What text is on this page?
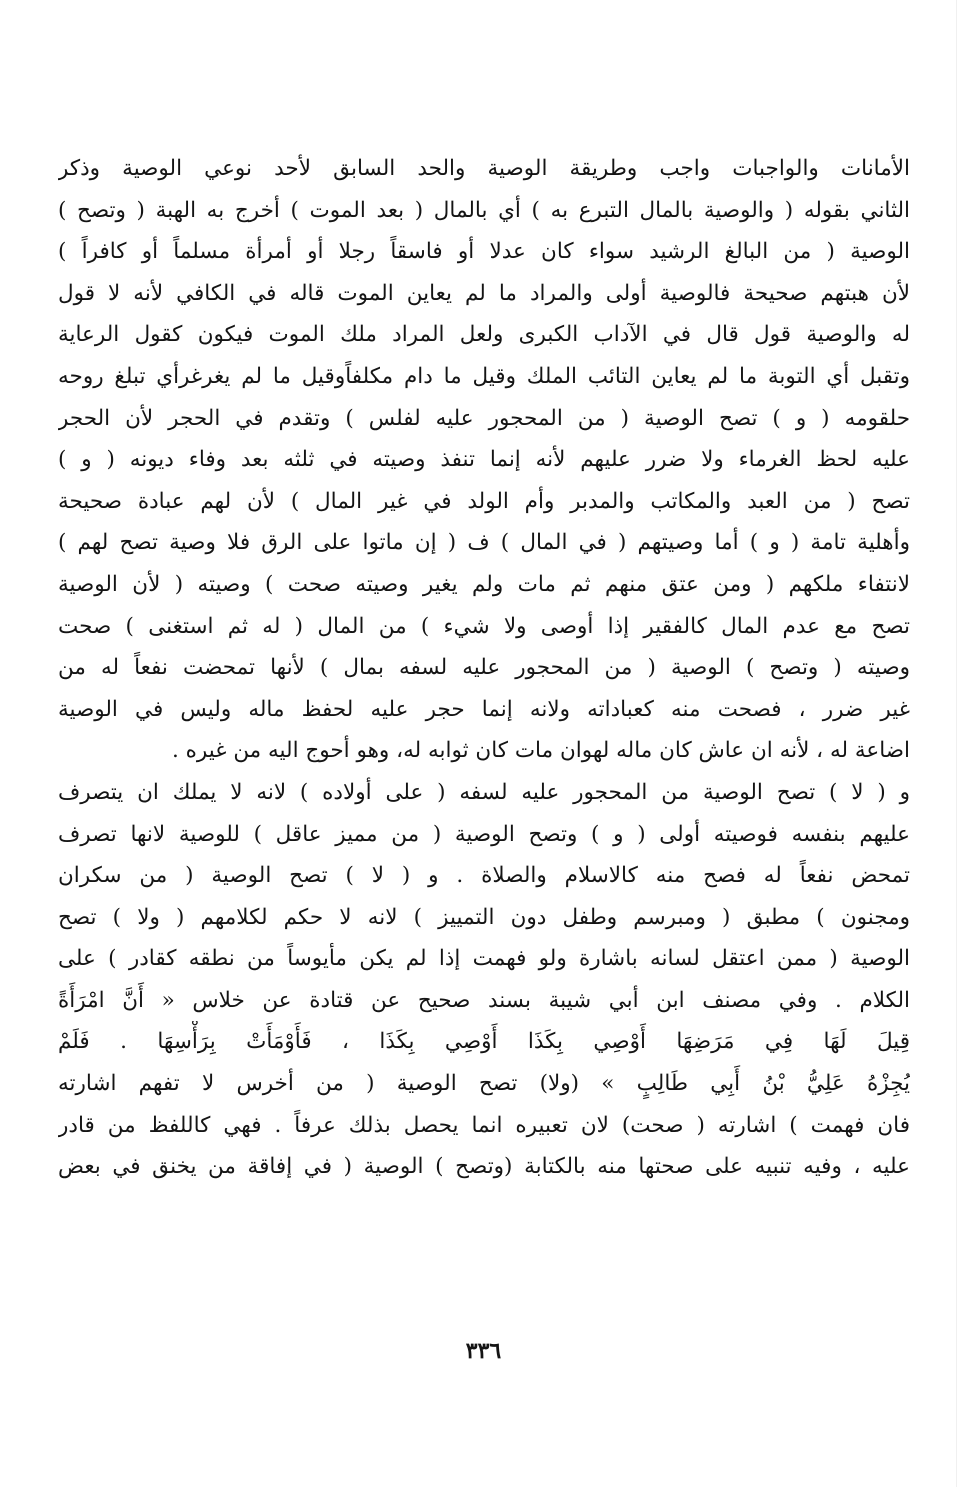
الأمانات والواجبات واجب وطريقة الوصية والحد السابق لأحد نوعي الوصية وذكر
الثاني بقوله ( والوصية بالمال التبرع به ) أي بالمال ( بعد الموت ) أخرج به الهبة ( وتصح )
الوصية ( من البالغ الرشيد سواء كان عدلا أو فاسقاً رجلا أو أمرأة مسلماً أو كافراً )
لأن هبتهم صحيحة فالوصية أولى والمراد ما لم يعاين الموت قاله في الكافي لأنه لا قول
له والوصية قول قال في الآداب الكبرى ولعل المراد ملك الموت فيكون كقول الرعاية
وتقبل أي التوبة ما لم يعاين التائب الملك وقيل ما دام مكلفاًوقيل ما لم يغرغرأي تبلغ روحه
حلقومه ( و ) تصح الوصية ( من المحجور عليه لفلس ) وتقدم في الحجر لأن الحجر
عليه لحظ الغرماء ولا ضرر عليهم لأنه إنما تنفذ وصيته في ثلثه بعد وفاء ديونه ( و )
تصح ( من العبد والمكاتب والمدبر وأم الولد في غير المال ) لأن لهم عبادة صحيحة
وأهلية تامة ( و ) أما وصيتهم ( في المال ) ف ( إن ماتوا على الرق فلا وصية تصح لهم )
لانتفاء ملكهم ( ومن عتق منهم ثم مات ولم يغير وصيته صحت ) وصيته ( لأن الوصية
تصح مع عدم المال كالفقير إذا أوصى ولا شيء ) من المال ( له ثم استغنى ) صحت
وصيته ( وتصح ) الوصية ( من المحجور عليه لسفه بمال ) لأنها تمحضت نفعاً له من
غير ضرر ، فصحت منه كعباداته ولانه إنما حجر عليه لحفظ ماله وليس في الوصية
اضاعة له ، لأنه ان عاش كان ماله لهوان مات كان ثوابه له، وهو أحوج اليه من غيره .
و ( لا ) تصح الوصية من المحجور عليه لسفه ( على أولاده ) لانه لا يملك ان يتصرف
عليهم بنفسه فوصيته أولى ( و ) وتصح الوصية ( من مميز عاقل ) للوصية لانها تصرف
تمحض نفعاً له فصح منه كالاسلام والصلاة . و ( لا ) تصح الوصية ( من سكران
ومجنون ) مطبق ( ومبرسم وطفل دون التمييز ) لانه لا حكم لكلامهم ( ولا ) تصح
الوصية ( ممن اعتقل لسانه باشارة ولو فهمت إذا لم يكن مأيوساً من نطقه كقادر ) على
الكلام . وفي مصنف ابن أبي شيبة بسند صحيح عن قتادة عن خلاس « أَنَّ امْرَأَةً
قِيلَ لَهَا فِي مَرَضِهَا أَوْصِي بِكَذَا أَوْصِي بِكَذَا ، فَأَوْمَأَتْ بِرَأْسِهَا . فَلَمْ
يُجِزْهُ عَلِيُّ بْنُ أَبِي طَالِبٍ » (ولا) تصح الوصية ( من أخرس لا تفهم اشارته
فان فهمت ) اشارته ( صحت) لان تعبيره انما يحصل بذلك عرفاً . فهي كاللفظ من قادر
عليه ، وفيه تنبيه على صحتها منه بالكتابة (وتصح ) الوصية ( في إفاقة من يخنق في بعض
٣٣٦
